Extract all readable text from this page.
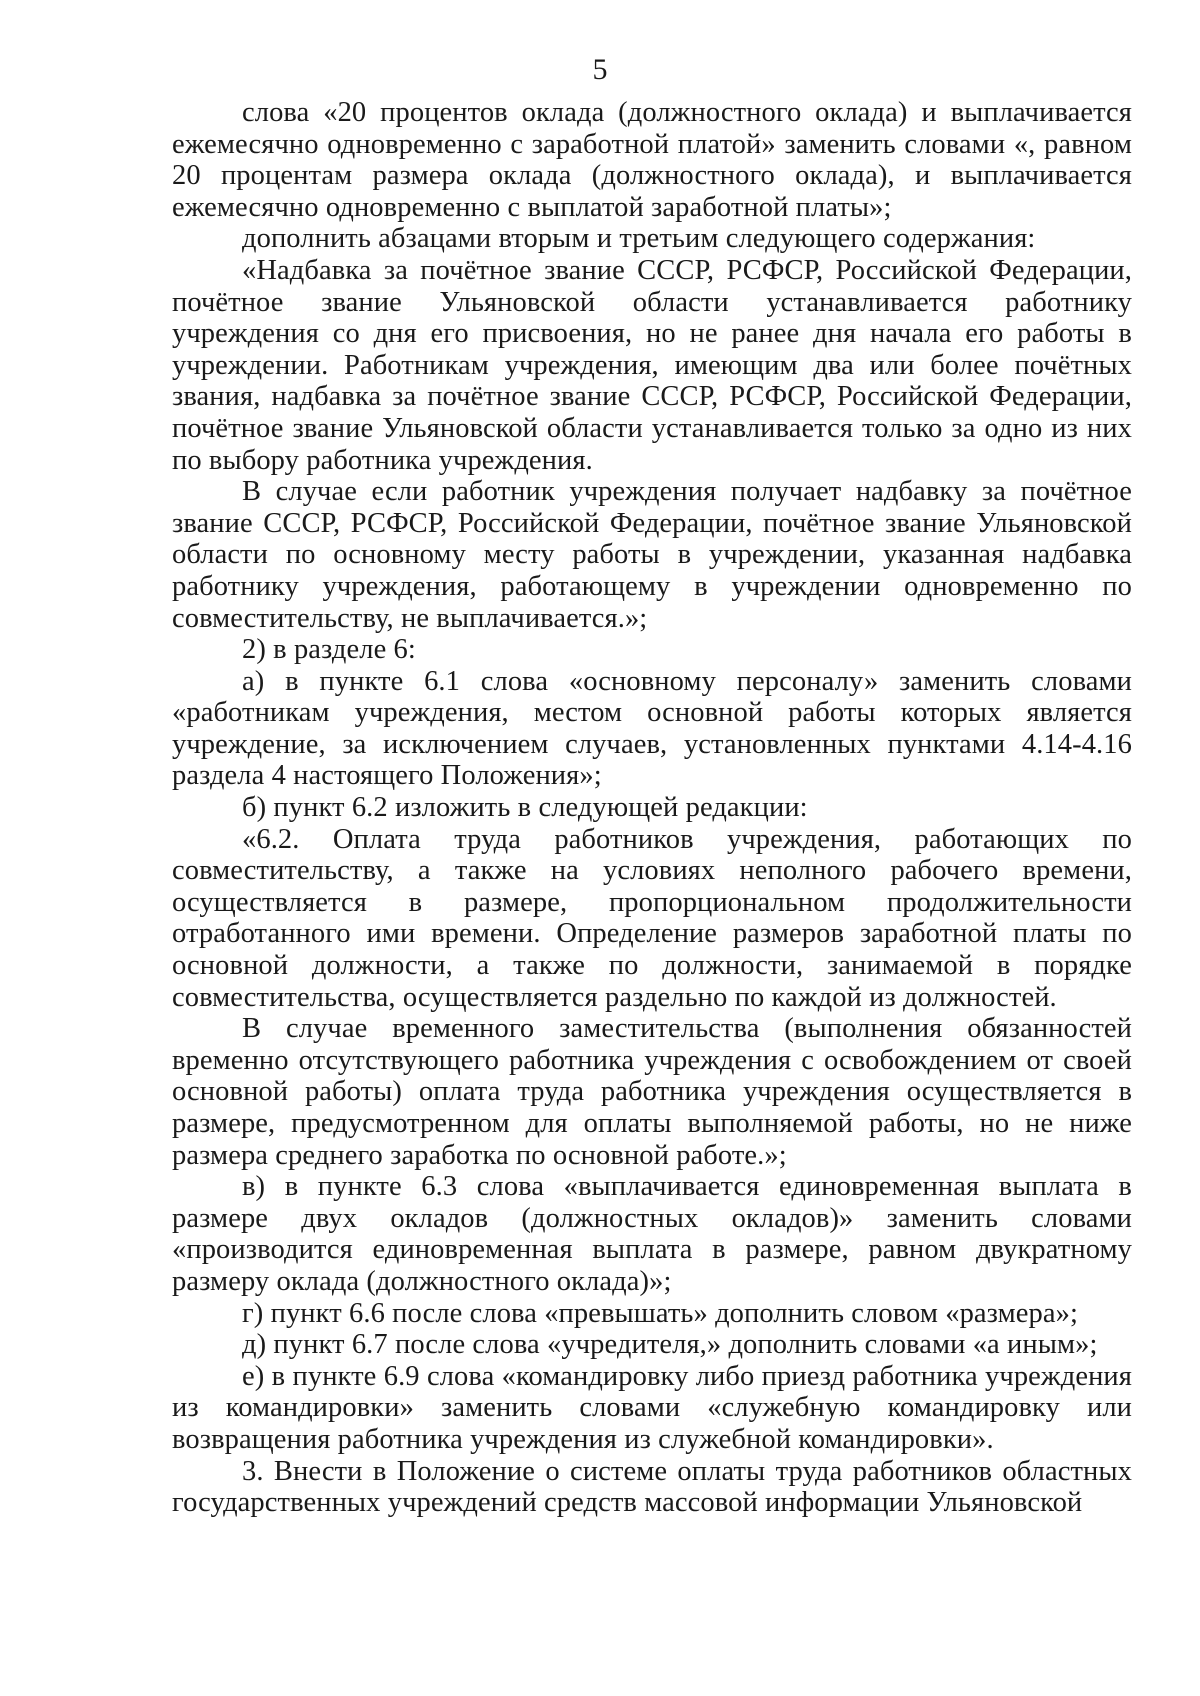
5

слова «20 процентов оклада (должностного оклада) и выплачивается ежемесячно одновременно с заработной платой» заменить словами «, равном 20 процентам размера оклада (должностного оклада), и выплачивается ежемесячно одновременно с выплатой заработной платы»;

дополнить абзацами вторым и третьим следующего содержания:

«Надбавка за почётное звание СССР, РСФСР, Российской Федерации, почётное звание Ульяновской области устанавливается работнику учреждения со дня его присвоения, но не ранее дня начала его работы в учреждении. Работникам учреждения, имеющим два или более почётных звания, надбавка за почётное звание СССР, РСФСР, Российской Федерации, почётное звание Ульяновской области устанавливается только за одно из них по выбору работника учреждения.

В случае если работник учреждения получает надбавку за почётное звание СССР, РСФСР, Российской Федерации, почётное звание Ульяновской области по основному месту работы в учреждении, указанная надбавка работнику учреждения, работающему в учреждении одновременно по совместительству, не выплачивается.»;

2) в разделе 6:

а) в пункте 6.1 слова «основному персоналу» заменить словами «работникам учреждения, местом основной работы которых является учреждение, за исключением случаев, установленных пунктами 4.14-4.16 раздела 4 настоящего Положения»;

б) пункт 6.2 изложить в следующей редакции:

«6.2. Оплата труда работников учреждения, работающих по совместительству, а также на условиях неполного рабочего времени, осуществляется в размере, пропорциональном продолжительности отработанного ими времени. Определение размеров заработной платы по основной должности, а также по должности, занимаемой в порядке совместительства, осуществляется раздельно по каждой из должностей.

В случае временного заместительства (выполнения обязанностей временно отсутствующего работника учреждения с освобождением от своей основной работы) оплата труда работника учреждения осуществляется в размере, предусмотренном для оплаты выполняемой работы, но не ниже размера среднего заработка по основной работе.»;

в) в пункте 6.3 слова «выплачивается единовременная выплата в размере двух окладов (должностных окладов)» заменить словами «производится единовременная выплата в размере, равном двукратному размеру оклада (должностного оклада)»;

г) пункт 6.6 после слова «превышать» дополнить словом «размера»;

д) пункт 6.7 после слова «учредителя,» дополнить словами «а иным»;

е) в пункте 6.9 слова «командировку либо приезд работника учреждения из командировки» заменить словами «служебную командировку или возвращения работника учреждения из служебной командировки».

3. Внести в Положение о системе оплаты труда работников областных государственных учреждений средств массовой информации Ульяновской
